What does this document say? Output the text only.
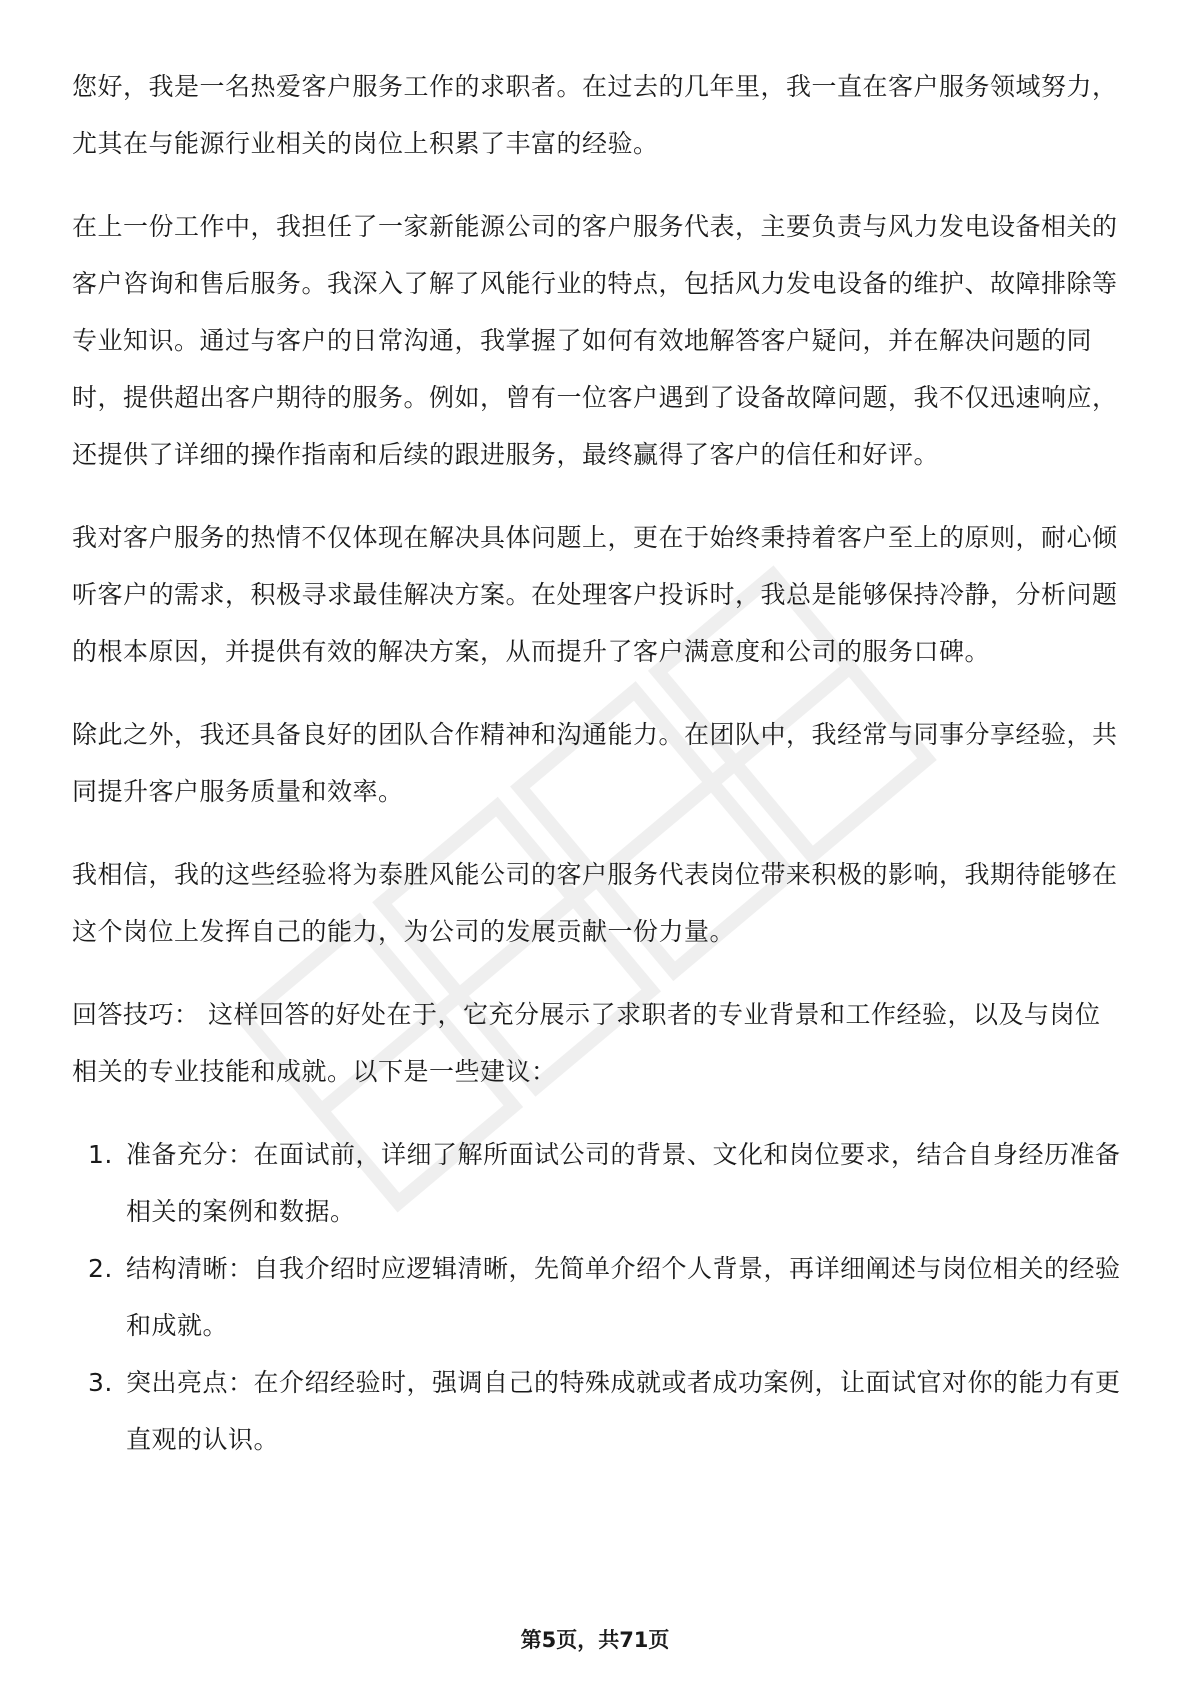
您好，我是一名热爱客户服务工作的求职者。在过去的几年里，我一直在客户服务领域努力，尤其在与能源行业相关的岗位上积累了丰富的经验。

在上一份工作中，我担任了一家新能源公司的客户服务代表，主要负责与风力发电设备相关的客户咨询和售后服务。我深入了解了风能行业的特点，包括风力发电设备的维护、故障排除等专业知识。通过与客户的日常沟通，我掌握了如何有效地解答客户疑问，并在解决问题的同时，提供超出客户期待的服务。例如，曾有一位客户遇到了设备故障问题，我不仅迅速响应，还提供了详细的操作指南和后续的跟进服务，最终赢得了客户的信任和好评。

我对客户服务的热情不仅体现在解决具体问题上，更在于始终秉持着客户至上的原则，耐心倾听客户的需求，积极寻求最佳解决方案。在处理客户投诉时，我总是能够保持冷静，分析问题的根本原因，并提供有效的解决方案，从而提升了客户满意度和公司的服务口碑。

除此之外，我还具备良好的团队合作精神和沟通能力。在团队中，我经常与同事分享经验，共同提升客户服务质量和效率。

我相信，我的这些经验将为泰胜风能公司的客户服务代表岗位带来积极的影响，我期待能够在这个岗位上发挥自己的能力，为公司的发展贡献一份力量。

回答技巧： 这样回答的好处在于，它充分展示了求职者的专业背景和工作经验，以及与岗位相关的专业技能和成就。以下是一些建议：

1. 准备充分：在面试前，详细了解所面试公司的背景、文化和岗位要求，结合自身经历准备相关的案例和数据。
2. 结构清晰：自我介绍时应逻辑清晰，先简单介绍个人背景，再详细阐述与岗位相关的经验和成就。
3. 突出亮点：在介绍经验时，强调自己的特殊成就或者成功案例，让面试官对你的能力有更直观的认识。
第5页，共71页
